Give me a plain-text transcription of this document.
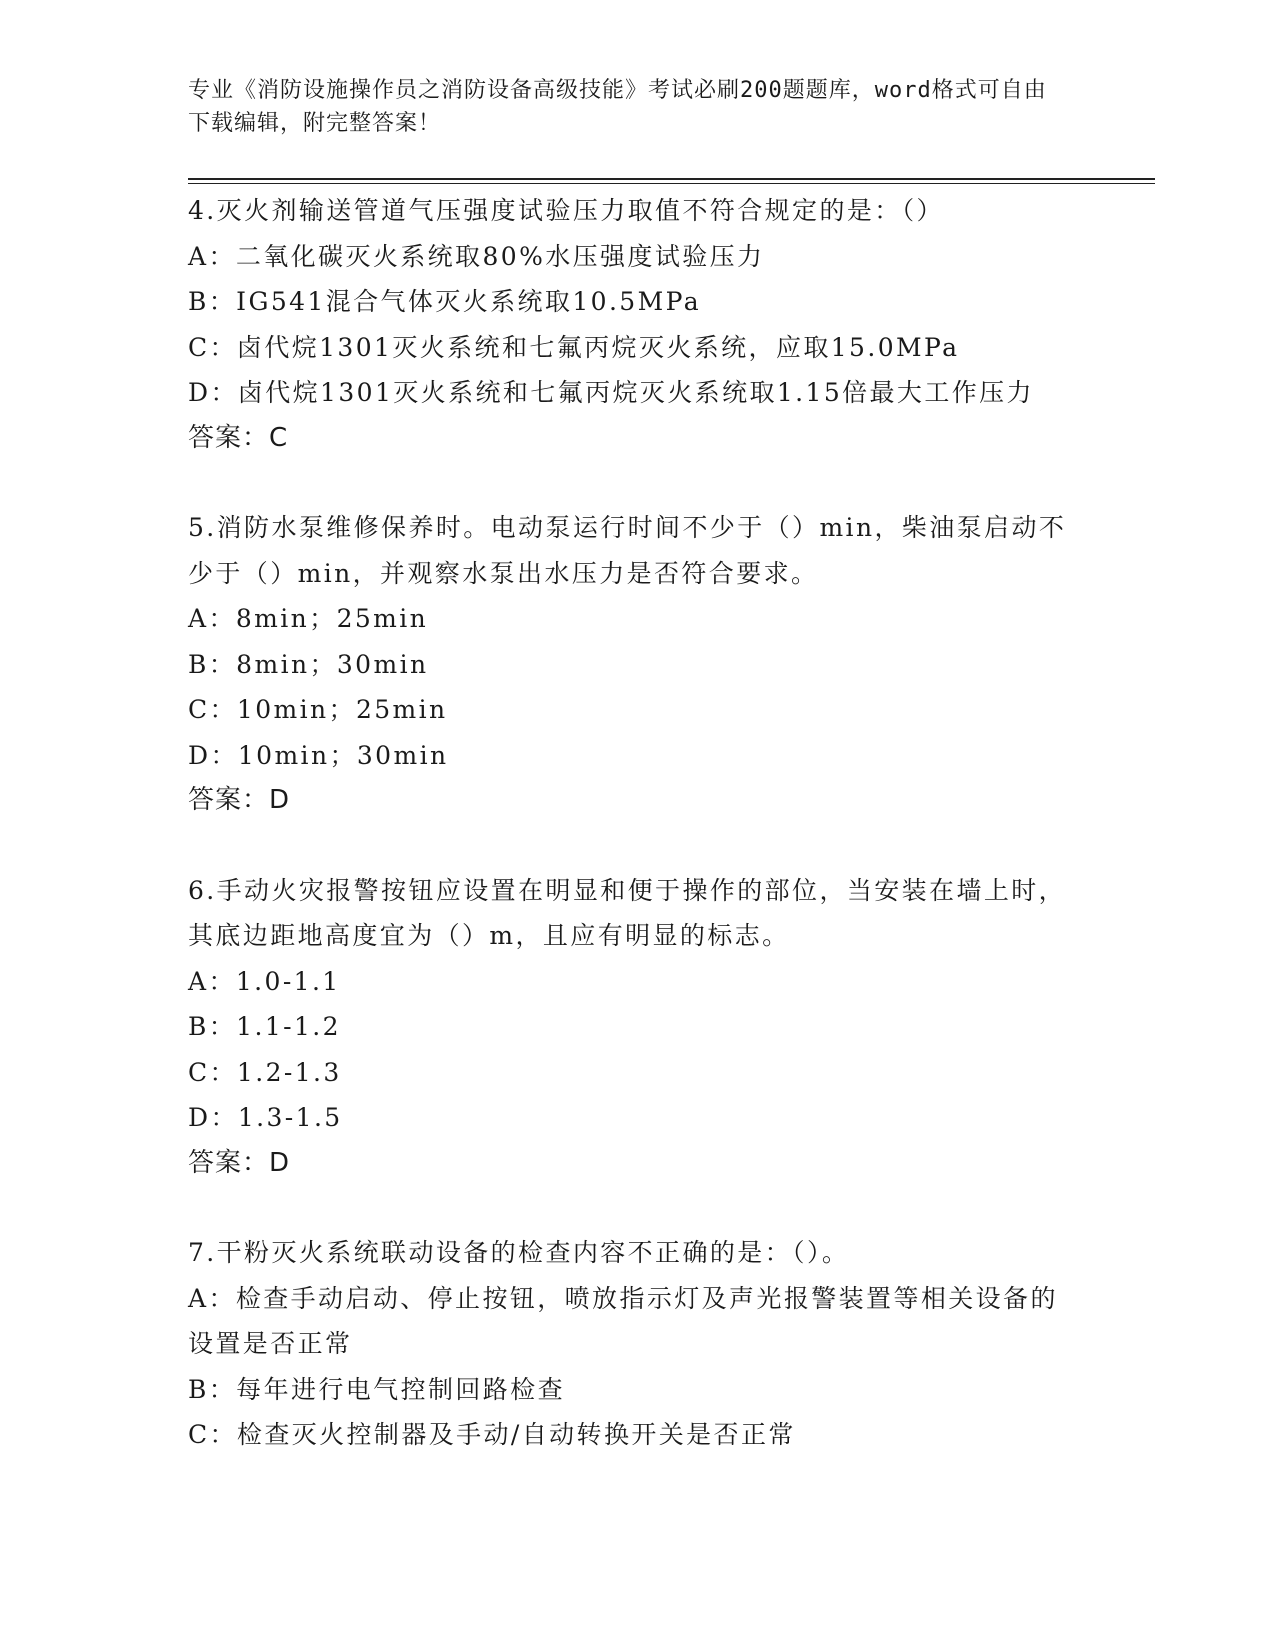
专业《消防设施操作员之消防设备高级技能》考试必刷200题题库，word格式可自由下载编辑，附完整答案！
4.灭火剂输送管道气压强度试验压力取值不符合规定的是：（）
A：二氧化碳灭火系统取80%水压强度试验压力
B：IG541混合气体灭火系统取10.5MPa
C：卤代烷1301灭火系统和七氟丙烷灭火系统，应取15.0MPa
D：卤代烷1301灭火系统和七氟丙烷灭火系统取1.15倍最大工作压力
答案：C
5.消防水泵维修保养时。电动泵运行时间不少于（）min，柴油泵启动不少于（）min，并观察水泵出水压力是否符合要求。
A：8min；25min
B：8min；30min
C：10min；25min
D：10min；30min
答案：D
6.手动火灾报警按钮应设置在明显和便于操作的部位，当安装在墙上时，其底边距地高度宜为（）m，且应有明显的标志。
A：1.0-1.1
B：1.1-1.2
C：1.2-1.3
D：1.3-1.5
答案：D
7.干粉灭火系统联动设备的检查内容不正确的是：（）。
A：检查手动启动、停止按钮，喷放指示灯及声光报警装置等相关设备的设置是否正常
B：每年进行电气控制回路检查
C：检查灭火控制器及手动/自动转换开关是否正常
